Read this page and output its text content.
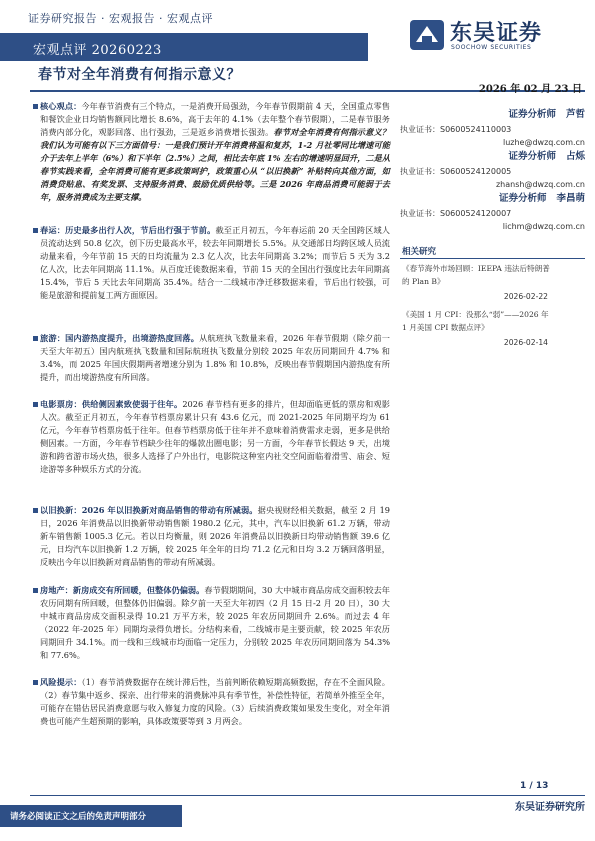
证券研究报告 · 宏观报告 · 宏观点评
宏观点评 20260223
东吴证券
SOOCHOW SECURITIES
春节对全年消费有何指示意义？
2026 年 02 月 23 日
核心观点：今年春节消费有三个特点，一是消费开局强劲，今年春节假期前 4 天，全国重点零售和餐饮企业日均销售额同比增长 8.6%，高于去年的 4.1%（去年整个春节假期），二是春节服务消费内部分化，观影回落、出行强劲，三是返乡消费增长强劲。春节对全年消费有何指示意义？我们认为可能有以下三方面信号：一是我们预计开年消费将温和复苏，1-2 月社零同比增速可能介于去年上半年（6%）和下半年（2.5%）之间，相比去年底 1% 左右的增速明显回升，二是从春节实践来看，全年消费可能有更多政策呵护，政策重心从 “以旧换新” 补贴转向其他方面，如消费贷贴息、有奖发票、支持服务消费、鼓励优质供给等。三是 2026 年商品消费可能弱于去年，服务消费成为主要支撑。
春运：历史最多出行人次，节后出行强于节前。截至正月初五，今年春运前 20 天全国跨区域人员流动达到 50.8 亿次，创下历史最高水平，较去年同期增长 5.5%。从交通部日均跨区域人员流动量来看，今年节前 15 天的日均流量为 2.3 亿人次，比去年同期高 3.2%；而节后 5 天为 3.2 亿人次，比去年同期高 11.1%。从百度迁徙数据来看，节前 15 天的全国出行强度比去年同期高 15.4%，节后 5 天比去年同期高 35.4%。结合一二线城市净迁移数据来看，节后出行较强，可能是旅游和提前复工两方面原因。
旅游：国内游热度提升，出境游热度回落。从航班执飞数量来看，2026 年春节假期（除夕前一天至大年初五）国内航班执飞数量和国际航班执飞数量分别较 2025 年农历同期回升 4.7% 和 3.4%，而 2025 年国庆假期两者增速分别为 1.8% 和 10.8%，反映出春节假期国内游热度有所提升，而出境游热度有所回落。
电影票房：供给侧因素致使弱于往年。2026 春节档有更多的排片，但却面临更低的票房和观影人次。截至正月初五，今年春节档票房累计只有 43.6 亿元，而 2021-2025 年同期平均为 61 亿元，今年春节档票房低于往年。但春节档票房低于往年并不意味着消费需求走弱，更多是供给侧因素。一方面，今年春节档缺少往年的爆款出圈电影；另一方面，今年春节长假达 9 天，出境游和跨省游市场火热，很多人选择了户外出行，电影院这种室内社交空间面临着滑雪、庙会、短途游等多种娱乐方式的分流。
以旧换新：2026 年以旧换新对商品销售的带动有所减弱。据央视财经相关数据，截至 2 月 19 日，2026 年消费品以旧换新带动销售额 1980.2 亿元，其中，汽车以旧换新 61.2 万辆，带动新车销售额 1005.3 亿元。若以日均衡量，则 2026 年消费品以旧换新日均带动销售额 39.6 亿元，日均汽车以旧换新 1.2 万辆，较 2025 年全年的日均 71.2 亿元和日均 3.2 万辆回落明显，反映出今年以旧换新对商品销售的带动有所减弱。
房地产：新房成交有所回暖，但整体仍偏弱。春节假期期间，30 大中城市商品房成交面积较去年农历同期有所回暖，但整体仍旧偏弱。除夕前一天至大年初四（2 月 15 日-2 月 20 日），30 大中城市商品房成交面积录得 10.21 万平方米，较 2025 年农历同期回升 2.6%。而过去 4 年（2022 年-2025 年）同期均录得负增长。分结构来看，二线城市是主要贡献，较 2025 年农历同期回升 34.1%。而一线和三线城市均面临一定压力，分别较 2025 年农历同期回落为 54.3% 和 77.6%。
风险提示：（1）春节消费数据存在统计滞后性，当前判断依赖短期高频数据，存在不全面风险。（2）春节集中返乡、探亲、出行带来的消费脉冲具有季节性，补偿性特征，若简单外推至全年，可能存在错估居民消费意愿与收入修复力度的风险。（3）后续消费政策如果发生变化，对全年消费也可能产生超预期的影响，具体政策要等到 3 月两会。
证券分析师 芦哲
执业证书：S0600524110003
luzhe@dwzq.com.cn
证券分析师 占烁
执业证书：S0600524120005
zhansh@dwzq.com.cn
证券分析师 李昌萌
执业证书：S0600524120007
lichm@dwzq.com.cn
相关研究
《春节海外市场回顾：IEEPA 违法后特朗普的 Plan B》
2026-02-22
《美国 1 月 CPI：没那么“弱”——2026 年 1 月美国 CPI 数据点评》
2026-02-14
1 / 13
东吴证券研究所
请务必阅读正文之后的免责声明部分
